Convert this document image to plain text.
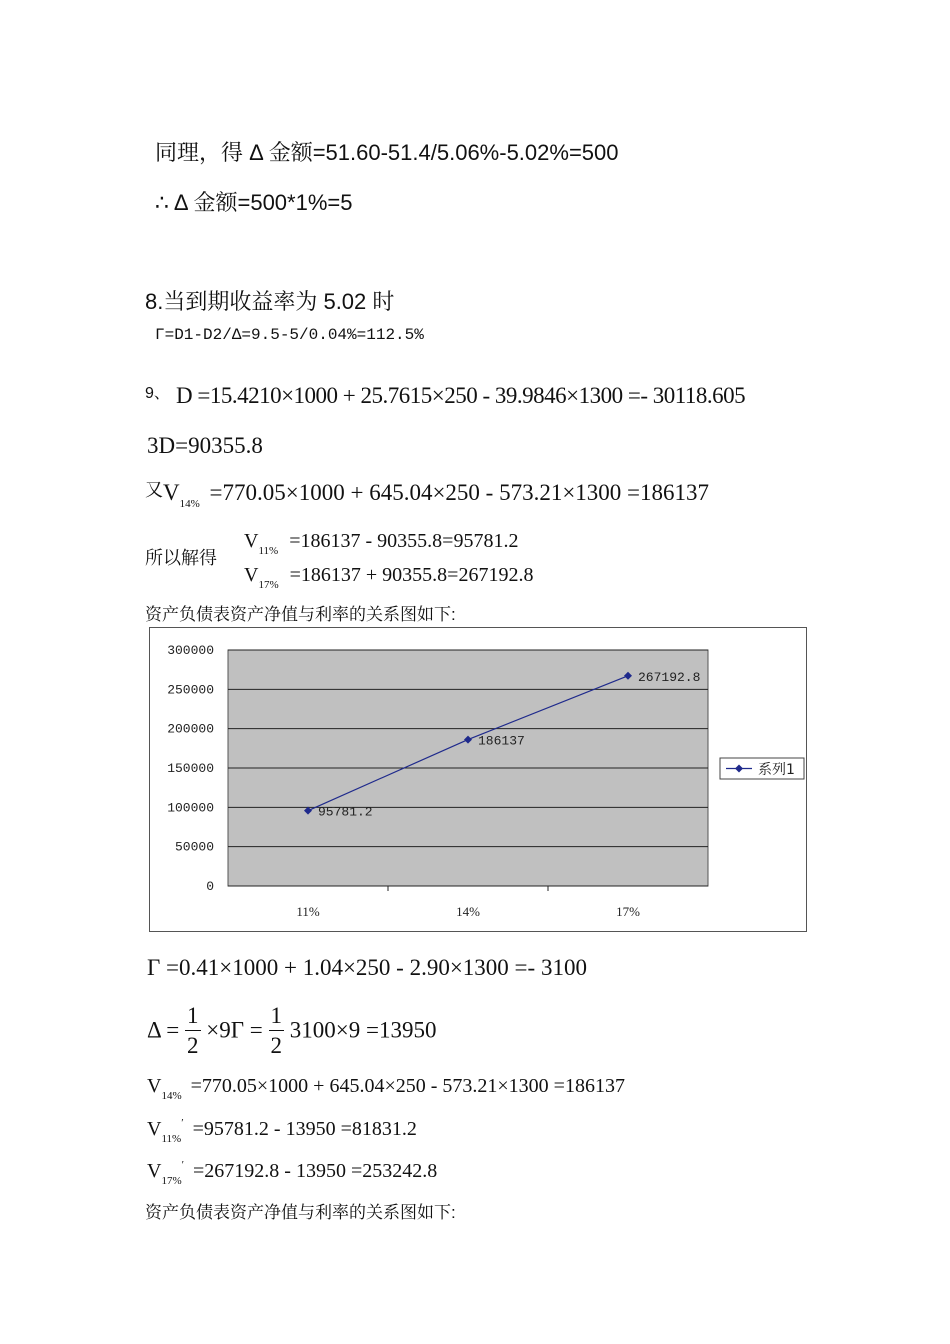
同理，得 Δ 金额=51.60-51.4/5.06%-5.02%=500
∴ Δ 金额=500*1%=5
8.当到期收益率为 5.02 时
Γ=D1-D2/Δ=9.5-5/0.04%=112.5%
9、 D =15.4210×1000 + 25.7615×250 - 39.9846×1300 =- 30118.605
3D=90355.8
又$V_{14\%} =770.05\times 1000 + 645.04\times 250 - 573.21\times 1300 =186137$
所以解得
$V_{11\%} =186137 - 90355.8=95781.2$
$V_{17\%} =186137 + 90355.8=267192.8$
资产负债表资产净值与利率的关系图如下:
0
50000
100000
150000
200000
250000
300000
11%	14%	17%
95781.2
186137
267192.8
系列1
Γ =0.41×1000 + 1.04×250 - 2.90×1300 =- 3100
$\Delta = \frac{1}{2} \times 9\Gamma = \frac{1}{2} 3100\times 9 =13950$
$V_{14\%} =770.05\times 1000 + 645.04\times 250 - 573.21\times 1300 =186137$
$V_{11\%}' =95781.2 - 13950 =81831.2$
$V_{17\%}' =267192.8 - 13950 =253242.8$
资产负债表资产净值与利率的关系图如下:
